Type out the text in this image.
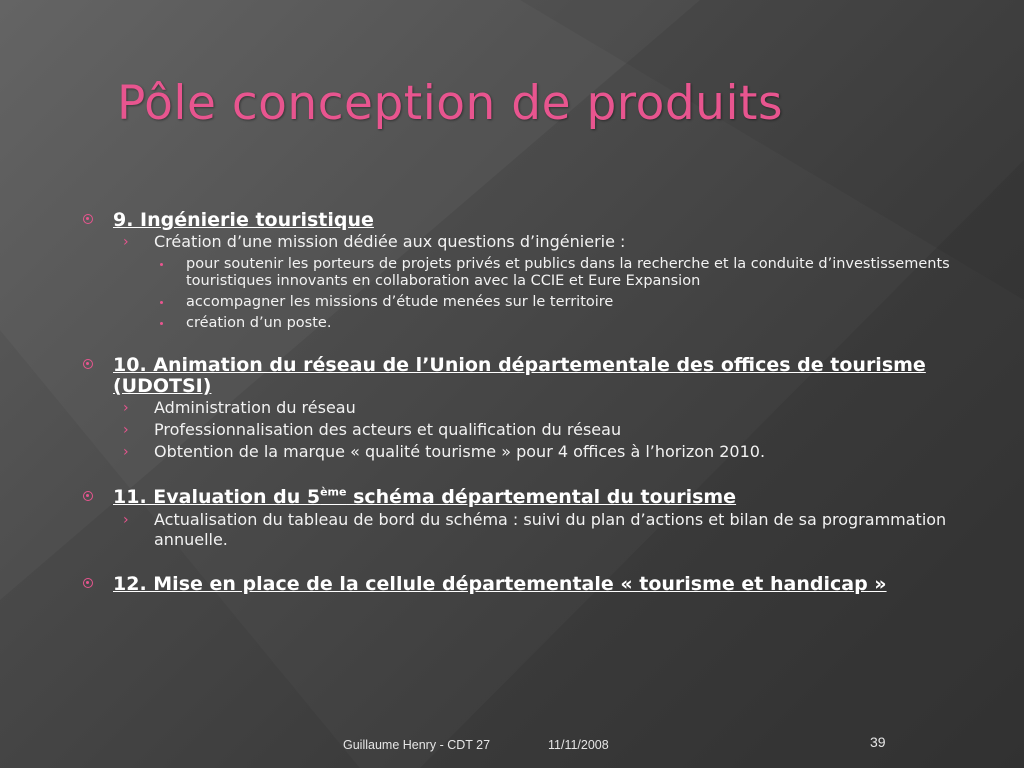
Pôle conception de produits
9. Ingénierie touristique
› Création d’une mission dédiée aux questions d’ingénierie :
pour soutenir les porteurs de projets privés et publics dans la recherche et la conduite d’investissements touristiques innovants en collaboration avec la CCIE et Eure Expansion
accompagner les missions d’étude menées sur le territoire
création d’un poste.
10. Animation du réseau de l’Union départementale des offices de tourisme (UDOTSI)
› Administration du réseau
› Professionnalisation des acteurs et qualification du réseau
› Obtention de la marque « qualité tourisme » pour 4 offices à l’horizon 2010.
11. Evaluation du 5ème schéma départemental du tourisme
› Actualisation du tableau de bord du schéma : suivi du plan d’actions et bilan de sa programmation annuelle.
12. Mise en place de la cellule départementale « tourisme et handicap »
Guillaume Henry - CDT 27	11/11/2008	39
